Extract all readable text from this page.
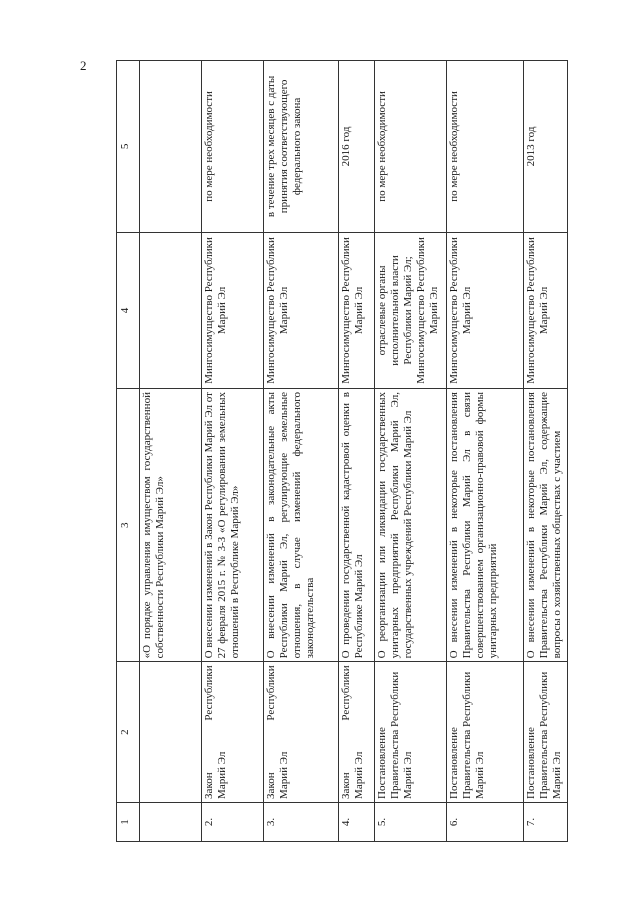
2
1	2	3	4	5
		«О порядке управления имуществом государственной собственности Республики Марий Эл»		
2.	Закон
Республики
Марий Эл	О внесении изменений в Закон Республики Марий Эл от 27 февраля 2015 г. № 3-З «О регулировании земельных отношений в Республике Марий Эл»	Мингосимущество Республики Марий Эл	по мере необходимости
3.	Закон
Республики
Марий Эл	О внесении изменений в законодательные акты Республики Марий Эл, регулирующие земельные отношения, в случае изменений федерального законодательства	Мингосимущество Республики Марий Эл	в течение трех месяцев с даты принятия соответствующего федерального закона
4.	Закон
Республики
Марий Эл	О проведении государственной кадастровой оценки в Республике Марий Эл	Мингосимущество Республики Марий Эл	2016 год
5.	Постановление Правительства Республики Марий Эл	О реорганизации или ликвидации государственных унитарных предприятий Республики Марий Эл, государственных учреждений Республики Марий Эл	отраслевые органы исполнительной власти Республики Марий Эл; Мингосимущество Республики Марий Эл	по мере необходимости
6.	Постановление Правительства Республики Марий Эл	О внесении изменений в некоторые постановления Правительства Республики Марий Эл в связи совершенствованием организационно-правовой формы унитарных предприятий	Мингосимущество Республики Марий Эл	по мере необходимости
7.	Постановление Правительства Республики Марий Эл	О внесении изменений в некоторые постановления Правительства Республики Марий Эл, содержащие вопросы о хозяйственных обществах с участием	Мингосимущество Республики Марий Эл	2013 год
